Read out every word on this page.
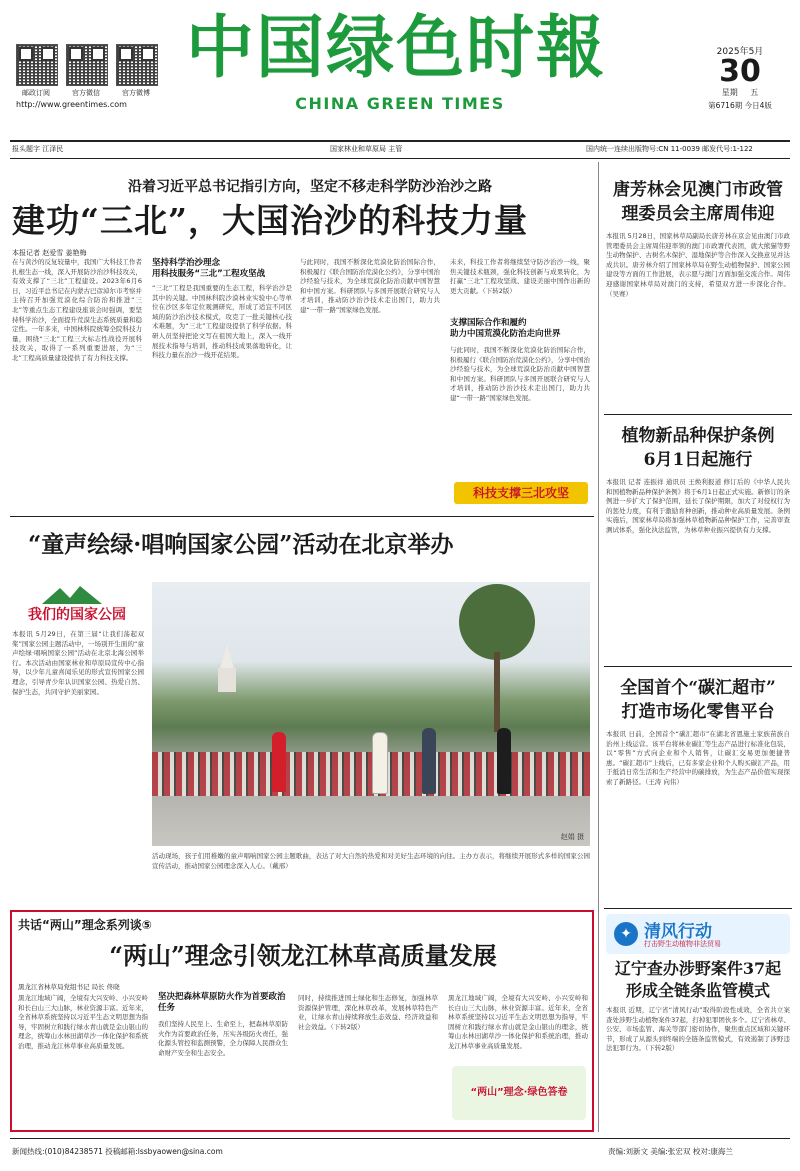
邮政订阅	官方微信	官方微博
http://www.greentimes.com
中国绿色时報
CHINA GREEN TIMES
2025年5月
30
星期 五
第6716期 今日4版
报头题字 江泽民	国家林业和草原局 主管	国内统一连续出版物号:CN 11-0039 邮发代号:1-122
沿着习近平总书记指引方向，坚定不移走科学防沙治沙之路
建功“三北”，大国治沙的科技力量
本报记者 赵爱雪 姜艳梅
在与黄沙的反复较量中，我国广大科技工作者扎根生态一线，深入开展防沙治沙科技攻关，有效支撑了“三北”工程建设。2023年6月6日，习近平总书记在内蒙古巴彦淖尔市考察并主持召开加强荒漠化综合防治和推进“三北”等重点生态工程建设座谈会时强调，要坚持科学治沙，全面提升荒漠生态系统质量和稳定性。一年多来，中国林科院统筹全院科技力量，围绕“三北”工程三大标志性战役开展科技攻关，取得了一系列重要进展，为“三北”工程高质量建设提供了有力科技支撑。
坚持科学治沙理念
用科技服务“三北”工程攻坚战
“三北”工程是我国重要的生态工程，科学治沙是其中的关键。中国林科院沙漠林业实验中心等单位在沙区多年定位观测研究，形成了适宜不同区域的防沙治沙技术模式，攻克了一批关键核心技术难题，为“三北”工程建设提供了科学依据。科研人员坚持把论文写在祖国大地上，深入一线开展技术指导与培训，推动科技成果落地转化，让科技力量在治沙一线开花结果。
与此同时，我国不断深化荒漠化防治国际合作，积极履行《联合国防治荒漠化公约》，分享中国治沙经验与技术，为全球荒漠化防治贡献中国智慧和中国方案。科研团队与多国开展联合研究与人才培训，推动防沙治沙技术走出国门，助力共建“一带一路”国家绿色发展。
支撑国际合作和履约
助力中国荒漠化防治走向世界
未来，科技工作者将继续坚守防沙治沙一线，聚焦关键技术瓶颈，强化科技创新与成果转化，为打赢“三北”工程攻坚战、建设美丽中国作出新的更大贡献。（下转2版）
与此同时，我国不断深化荒漠化防治国际合作，积极履行《联合国防治荒漠化公约》，分享中国治沙经验与技术，为全球荒漠化防治贡献中国智慧和中国方案。科研团队与多国开展联合研究与人才培训，推动防沙治沙技术走出国门，助力共建“一带一路”国家绿色发展。
科技支撑三北攻坚
“童声绘绿·唱响国家公园”活动在北京举办
我们的国家公园
本报讯 5月29日，在第三届“让我们荡起双桨”国家公园主题活动中，一场别开生面的“童声绘绿·唱响国家公园”活动在北京北海公园举行。本次活动由国家林业和草原局宣传中心指导，以少年儿童喜闻乐见的形式宣传国家公园理念，引导青少年认识国家公园、热爱自然、保护生态，共同守护美丽家园。
赵娟 摄
活动现场，孩子们用稚嫩的童声唱响国家公园主题歌曲，表达了对大自然的热爱和对美好生态环境的向往。主办方表示，将继续开展形式多样的国家公园宣传活动，推动国家公园理念深入人心。（戴邢）
共话“两山”理念系列谈⑤
“两山”理念引领龙江林草高质量发展
黑龙江省林草局党组书记 局长 佟晓
黑龙江地域广阔，全境有大兴安岭、小兴安岭和长白山三大山脉，林业资源丰富。近年来，全省林草系统坚持以习近平生态文明思想为指导，牢固树立和践行绿水青山就是金山银山的理念，统筹山水林田湖草沙一体化保护和系统治理，推动龙江林草事业高质量发展。
坚决把森林草原防火作为首要政治任务
我们坚持人民至上、生命至上，把森林草原防火作为首要政治任务，压实各级防火责任，强化源头管控和监测预警，全力保障人民群众生命财产安全和生态安全。
同时，持续推进国土绿化和生态修复，加强林草资源保护管理，深化林草改革，发展林草特色产业，让绿水青山持续释放生态效益、经济效益和社会效益。（下转2版）
黑龙江地域广阔，全境有大兴安岭、小兴安岭和长白山三大山脉，林业资源丰富。近年来，全省林草系统坚持以习近平生态文明思想为指导，牢固树立和践行绿水青山就是金山银山的理念，统筹山水林田湖草沙一体化保护和系统治理，推动龙江林草事业高质量发展。
“两山”理念·绿色答卷
唐芳林会见澳门市政管理委员会主席周伟迎
本报讯 5月28日，国家林草局副局长唐芳林在京会见由澳门市政管理委员会主席周伟迎率领的澳门市政署代表团，就大熊猫等野生动物保护、古树名木保护、湿地保护等合作深入交换意见并达成共识。唐芳林介绍了国家林草局在野生动植物保护、国家公园建设等方面的工作进展，表示愿与澳门方面加强交流合作。周伟迎感谢国家林草局对澳门的支持，希望双方进一步深化合作。（吴赛）
植物新品种保护条例
6月1日起施行
本报讯 记者 连振祥 通讯员 王焕利报道 修订后的《中华人民共和国植物新品种保护条例》将于6月1日起正式实施。新修订的条例进一步扩大了保护范围，延长了保护期限，加大了对侵权行为的惩处力度，有利于激励育种创新，推动种业高质量发展。条例实施后，国家林草局将加强林草植物新品种保护工作，完善审查测试体系，强化执法监管，为林草种业振兴提供有力支撑。
全国首个“碳汇超市”
打造市场化零售平台
本报讯 日前，全国首个“碳汇超市”在湖北省恩施土家族苗族自治州上线运营。该平台将林业碳汇等生态产品进行标准化包装，以“零售”方式向企业和个人销售，让碳汇交易更加便捷普惠。“碳汇超市”上线后，已有多家企业和个人购买碳汇产品，用于抵消日常生活和生产经营中的碳排放，为生态产品价值实现探索了新路径。（王涛 向伟）
✦ 清风行动
打击野生动植物非法贸易
辽宁查办涉野案件37起
形成全链条监管模式
本报讯 近期，辽宁省“清风行动”取得阶段性成效，全省共立案查处涉野生动植物案件37起，打掉犯罪团伙多个。辽宁省林草、公安、市场监管、海关等部门密切协作，聚焦重点区域和关键环节，形成了从源头到终端的全链条监管模式，有效遏制了涉野违法犯罪行为。（下转2版）
新闻热线:(010)84238571 投稿邮箱:lssbyaowen@sina.com	责编:刘新文 美编:张宏双 校对:康海兰
